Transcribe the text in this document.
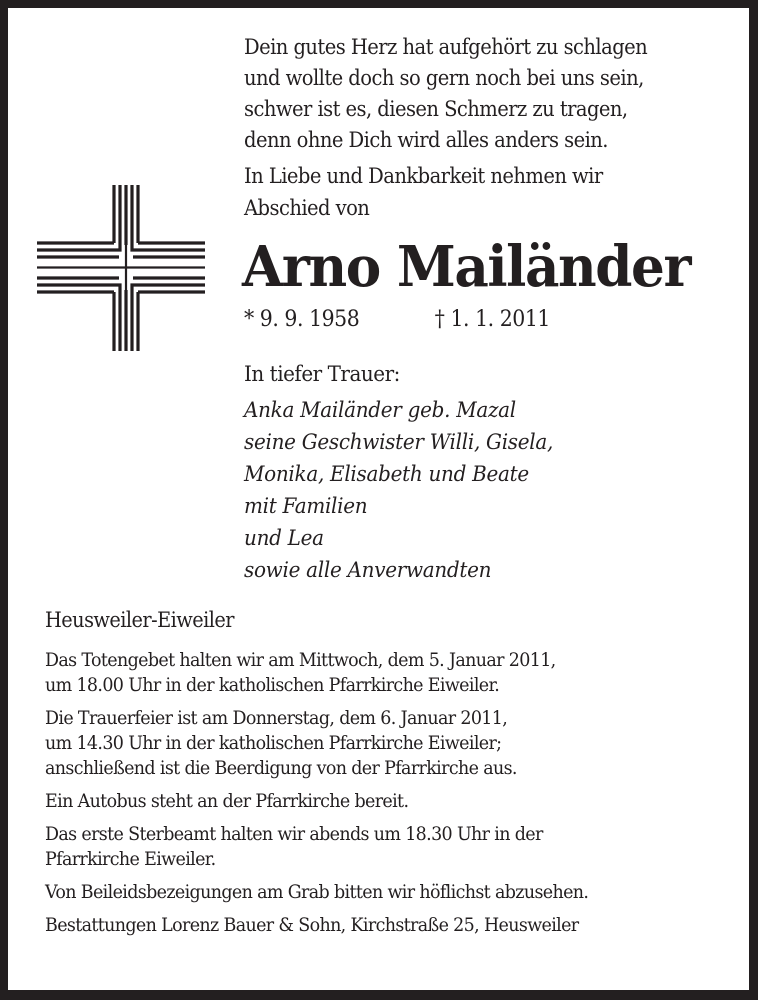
Dein gutes Herz hat aufgehört zu schlagen
und wollte doch so gern noch bei uns sein,
schwer ist es, diesen Schmerz zu tragen,
denn ohne Dich wird alles anders sein.
In Liebe und Dankbarkeit nehmen wir
Abschied von
Arno Mailänder
* 9. 9. 1958	† 1. 1. 2011
In tiefer Trauer:
Anka Mailänder geb. Mazal
seine Geschwister Willi, Gisela,
Monika, Elisabeth und Beate
mit Familien
und Lea
sowie alle Anverwandten
Heusweiler-Eiweiler

Das Totengebet halten wir am Mittwoch, dem 5. Januar 2011,
um 18.00 Uhr in der katholischen Pfarrkirche Eiweiler.

Die Trauerfeier ist am Donnerstag, dem 6. Januar 2011,
um 14.30 Uhr in der katholischen Pfarrkirche Eiweiler;
anschließend ist die Beerdigung von der Pfarrkirche aus.

Ein Autobus steht an der Pfarrkirche bereit.

Das erste Sterbeamt halten wir abends um 18.30 Uhr in der
Pfarrkirche Eiweiler.

Von Beileidsbezeigungen am Grab bitten wir höflichst abzusehen.

Bestattungen Lorenz Bauer & Sohn, Kirchstraße 25, Heusweiler
